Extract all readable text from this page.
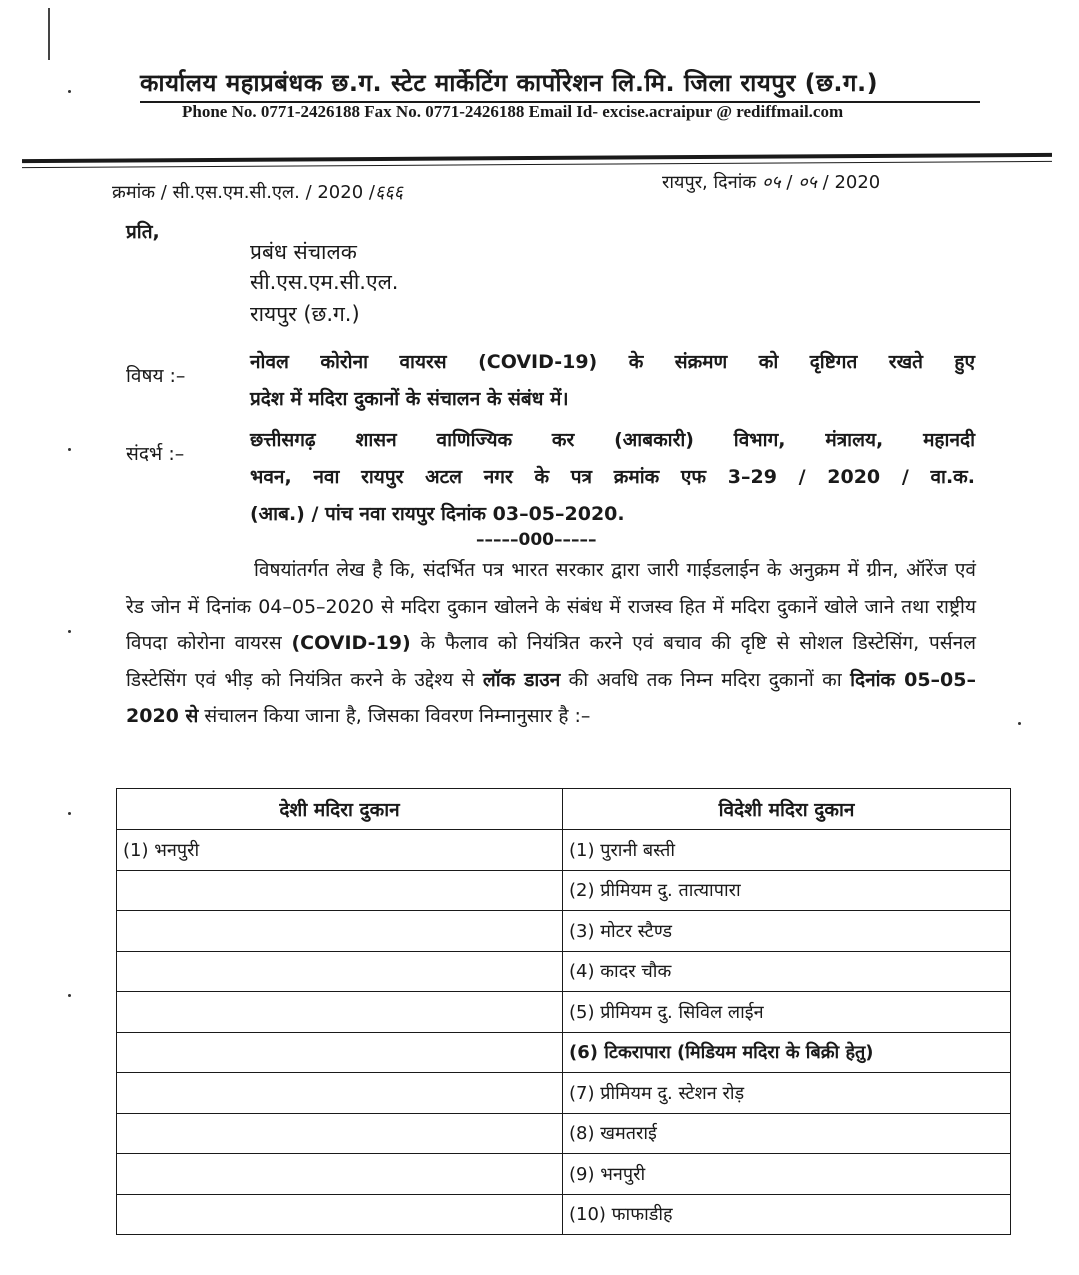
कार्यालय महाप्रबंधक छ.ग. स्टेट मार्केटिंग कार्पोरेशन लि.मि. जिला रायपुर (छ.ग.)
Phone No. 0771-2426188 Fax No. 0771-2426188 Email Id- excise.acraipur @ rediffmail.com
क्रमांक / सी.एस.एम.सी.एल. / 2020 /६६६	रायपुर, दिनांक ०५ / ०५ / 2020
प्रति,
प्रबंध संचालक
सी.एस.एम.सी.एल.
रायपुर (छ.ग.)
विषय :–
नोवल कोरोना वायरस (COVID-19) के संक्रमण को दृष्टिगत रखते हुए
प्रदेश में मदिरा दुकानों के संचालन के संबंध में।
संदर्भ :–
छत्तीसगढ़ शासन वाणिज्यिक कर (आबकारी) विभाग, मंत्रालय, महानदी
भवन, नवा रायपुर अटल नगर के पत्र क्रमांक एफ 3–29 / 2020 / वा.क.
(आब.) / पांच नवा रायपुर दिनांक 03–05–2020.
–––––000–––––
विषयांतर्गत लेख है कि, संदर्भित पत्र भारत सरकार द्वारा जारी गाईडलाईन के अनुक्रम में ग्रीन, ऑरेंज एवं रेड जोन में दिनांक 04–05–2020 से मदिरा दुकान खोलने के संबंध में राजस्व हित में मदिरा दुकानें खोले जाने तथा राष्ट्रीय विपदा कोरोना वायरस (COVID-19) के फैलाव को नियंत्रित करने एवं बचाव की दृष्टि से सोशल डिस्टेसिंग, पर्सनल डिस्टेसिंग एवं भीड़ को नियंत्रित करने के उद्देश्य से लॉक डाउन की अवधि तक निम्न मदिरा दुकानों का दिनांक 05–05–2020 से संचालन किया जाना है, जिसका विवरण निम्नानुसार है :–
देशी मदिरा दुकान	विदेशी मदिरा दुकान
(1) भनपुरी	(1) पुरानी बस्ती
	(2) प्रीमियम दु. तात्यापारा
	(3) मोटर स्टैण्ड
	(4) कादर चौक
	(5) प्रीमियम दु. सिविल लाईन
	(6) टिकरापारा (मिडियम मदिरा के बिक्री हेतु)
	(7) प्रीमियम दु. स्टेशन रोड़
	(8) खमतराई
	(9) भनपुरी
	(10) फाफाडीह
